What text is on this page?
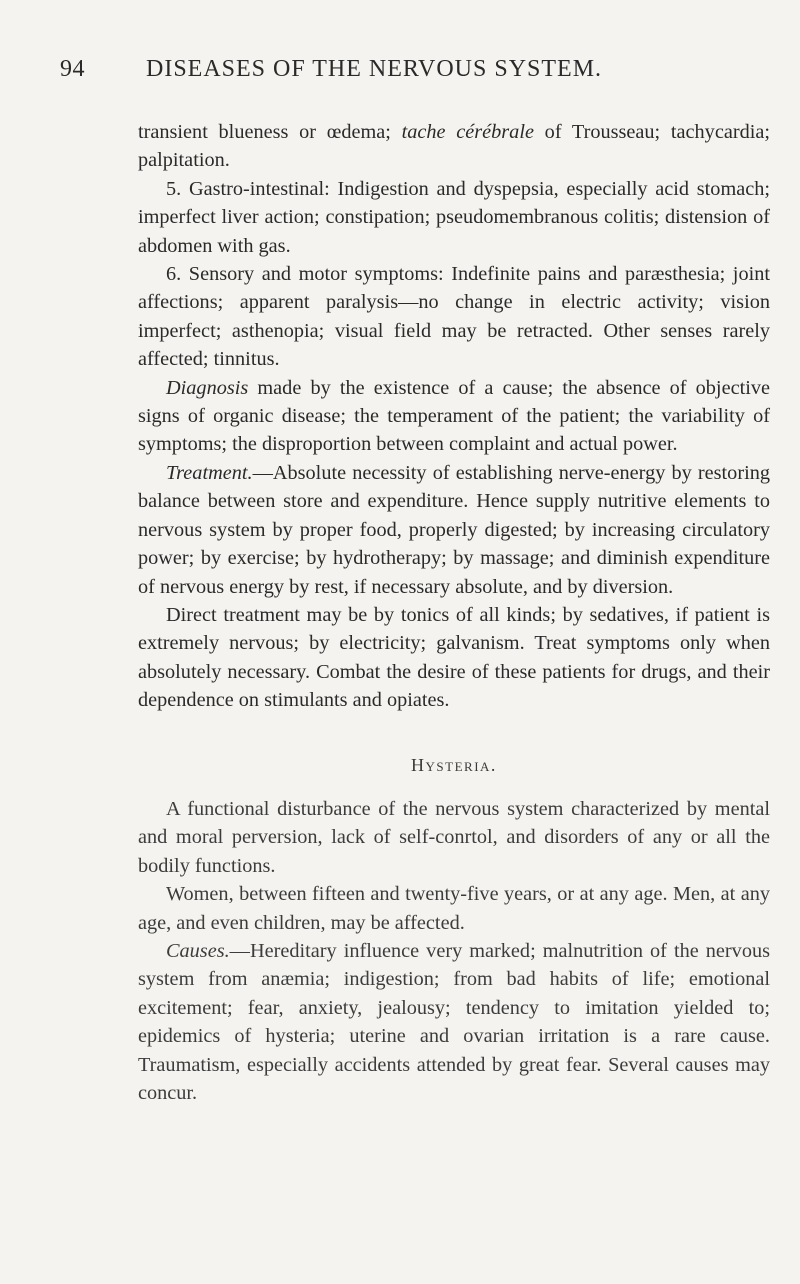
94	DISEASES OF THE NERVOUS SYSTEM.

transient blueness or œdema; tache cérébrale of Trousseau; tachycardia; palpitation.

5. Gastro-intestinal: Indigestion and dyspepsia, especially acid stomach; imperfect liver action; constipation; pseudomembranous colitis; distension of abdomen with gas.

6. Sensory and motor symptoms: Indefinite pains and paræsthesia; joint affections; apparent paralysis—no change in electric activity; vision imperfect; asthenopia; visual field may be retracted. Other senses rarely affected; tinnitus.

Diagnosis made by the existence of a cause; the absence of objective signs of organic disease; the temperament of the patient; the variability of symptoms; the disproportion between complaint and actual power.

Treatment.—Absolute necessity of establishing nerve-energy by restoring balance between store and expenditure. Hence supply nutritive elements to nervous system by proper food, properly digested; by increasing circulatory power; by exercise; by hydrotherapy; by massage; and diminish expenditure of nervous energy by rest, if necessary absolute, and by diversion.

Direct treatment may be by tonics of all kinds; by sedatives, if patient is extremely nervous; by electricity; galvanism. Treat symptoms only when absolutely necessary. Combat the desire of these patients for drugs, and their dependence on stimulants and opiates.

Hysteria.

A functional disturbance of the nervous system characterized by mental and moral perversion, lack of self-conrtol, and disorders of any or all the bodily functions.

Women, between fifteen and twenty-five years, or at any age. Men, at any age, and even children, may be affected.

Causes.—Hereditary influence very marked; malnutrition of the nervous system from anæmia; indigestion; from bad habits of life; emotional excitement; fear, anxiety, jealousy; tendency to imitation yielded to; epidemics of hysteria; uterine and ovarian irritation is a rare cause. Traumatism, especially accidents attended by great fear. Several causes may concur.
